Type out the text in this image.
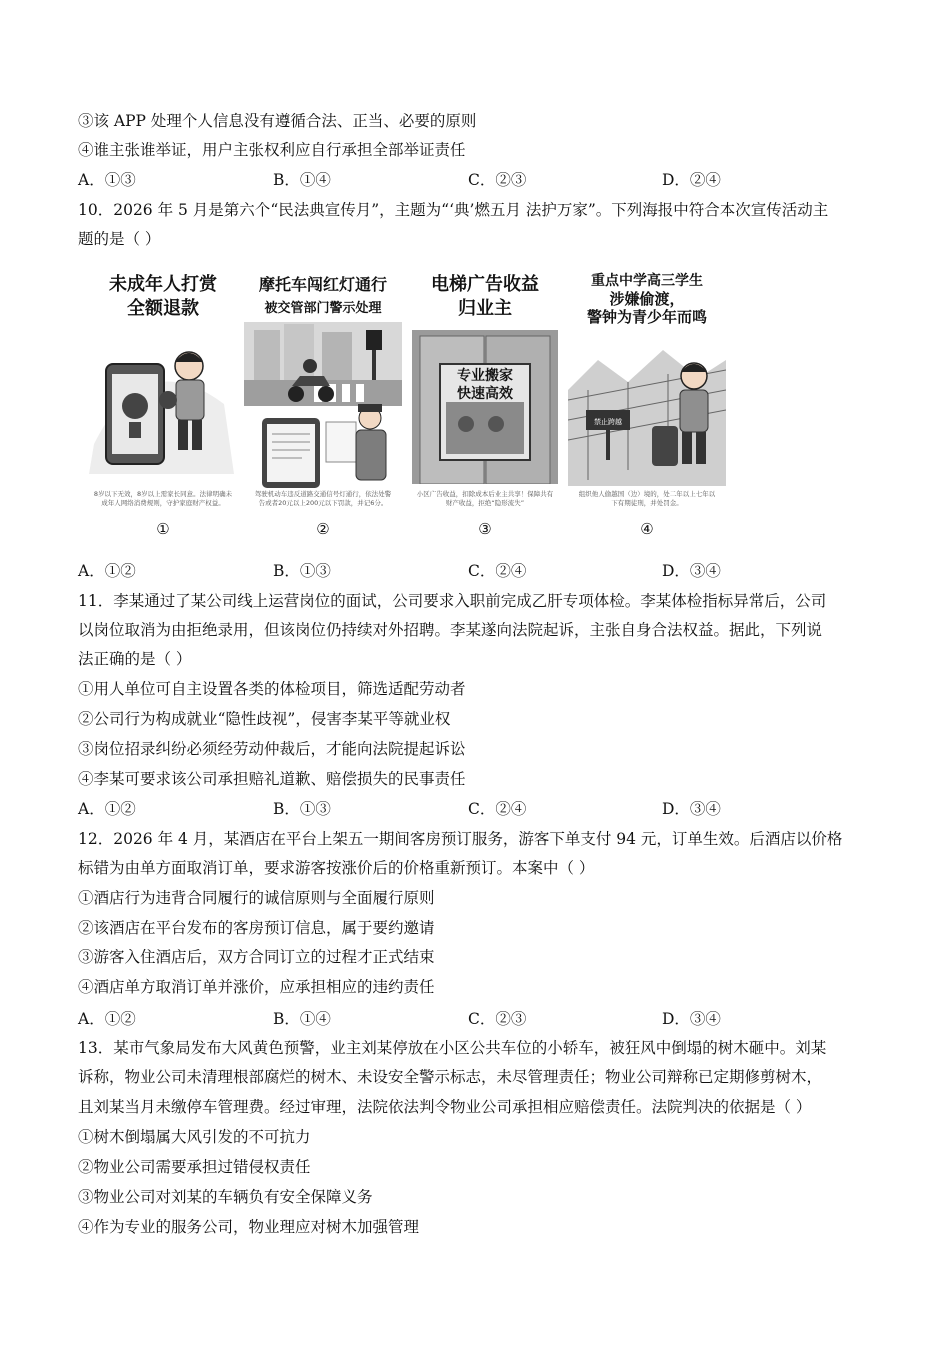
③该 APP 处理个人信息没有遵循合法、正当、必要的原则
④谁主张谁举证，用户主张权利应自行承担全部举证责任
A．①③	B．①④	C．②③	D．②④
10．2026 年 5 月是第六个“民法典宣传月”，主题为“‘典’燃五月 法护万家”。下列海报中符合本次宣传活动主
题的是（ ）
未成年人打赏
全额退款
8岁以下无效，8岁以上需家长同意。法律明确未成年人网络消费规则，守护家庭财产权益。
①
摩托车闯红灯通行
被交管部门警示处理
驾驶机动车违反道路交通信号灯通行，依法处警告或者20元以上200元以下罚款，并记6分。
②
电梯广告收益
归业主
专业搬家
快速高效
小区广告收益，扣除成本后业主共享！保障共有财产收益，拒绝“隐形流失”
③
重点中学高三学生
涉嫌偷渡，
警钟为青少年而鸣
禁止跨越
组织他人偷越国（边）境的，处二年以上七年以下有期徒刑，并处罚金。
④
A．①②	B．①③	C．②④	D．③④
11．李某通过了某公司线上运营岗位的面试，公司要求入职前完成乙肝专项体检。李某体检指标异常后，公司
以岗位取消为由拒绝录用，但该岗位仍持续对外招聘。李某遂向法院起诉，主张自身合法权益。据此，下列说
法正确的是（ ）
①用人单位可自主设置各类的体检项目，筛选适配劳动者
②公司行为构成就业“隐性歧视”，侵害李某平等就业权
③岗位招录纠纷必须经劳动仲裁后，才能向法院提起诉讼
④李某可要求该公司承担赔礼道歉、赔偿损失的民事责任
A．①②	B．①③	C．②④	D．③④
12．2026 年 4 月，某酒店在平台上架五一期间客房预订服务，游客下单支付 94 元，订单生效。后酒店以价格
标错为由单方面取消订单，要求游客按涨价后的价格重新预订。本案中（ ）
①酒店行为违背合同履行的诚信原则与全面履行原则
②该酒店在平台发布的客房预订信息，属于要约邀请
③游客入住酒店后，双方合同订立的过程才正式结束
④酒店单方取消订单并涨价，应承担相应的违约责任
A．①②	B．①④	C．②③	D．③④
13．某市气象局发布大风黄色预警，业主刘某停放在小区公共车位的小轿车，被狂风中倒塌的树木砸中。刘某
诉称，物业公司未清理根部腐烂的树木、未设安全警示标志，未尽管理责任；物业公司辩称已定期修剪树木，
且刘某当月未缴停车管理费。经过审理，法院依法判令物业公司承担相应赔偿责任。法院判决的依据是（ ）
①树木倒塌属大风引发的不可抗力
②物业公司需要承担过错侵权责任
③物业公司对刘某的车辆负有安全保障义务
④作为专业的服务公司，物业理应对树木加强管理
